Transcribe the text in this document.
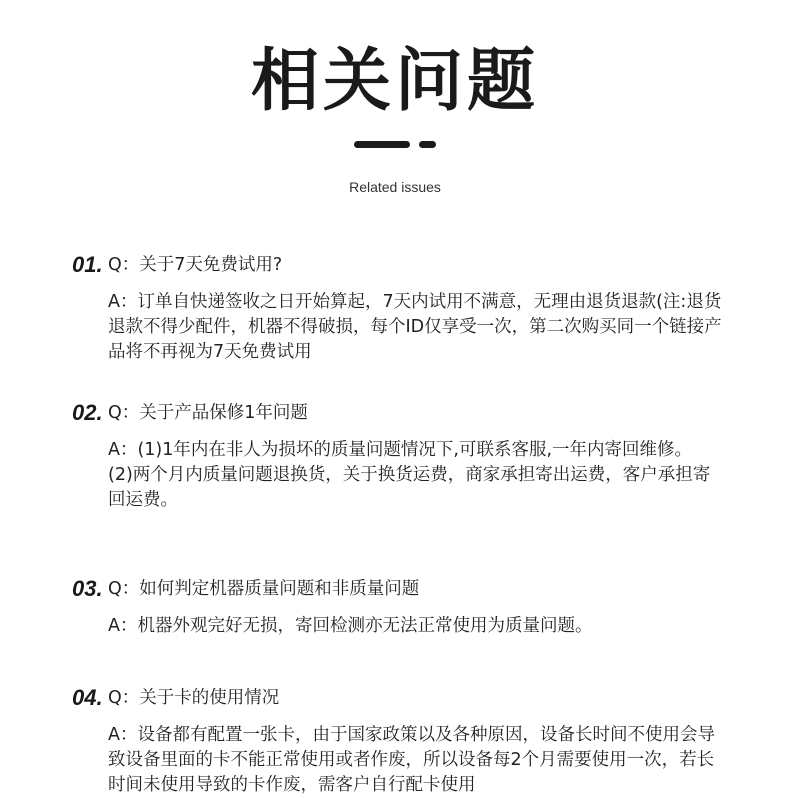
相关问题
Related issues
01. Q：关于7天免费试用?

A：订单自快递签收之日开始算起，7天内试用不满意，无理由退货退款(注:退货退款不得少配件，机器不得破损，每个ID仅享受一次，第二次购买同一个链接产品将不再视为7天免费试用

02. Q：关于产品保修1年问题

A：(1)1年内在非人为损坏的质量问题情况下,可联系客服,一年内寄回维修。

(2)两个月内质量问题退换货，关于换货运费，商家承担寄出运费，客户承担寄回运费。

03. Q：如何判定机器质量问题和非质量问题

A：机器外观完好无损，寄回检测亦无法正常使用为质量问题。

04. Q：关于卡的使用情况

A：设备都有配置一张卡，由于国家政策以及各种原因，设备长时间不使用会导致设备里面的卡不能正常使用或者作废，所以设备每2个月需要使用一次，若长时间未使用导致的卡作废，需客户自行配卡使用
